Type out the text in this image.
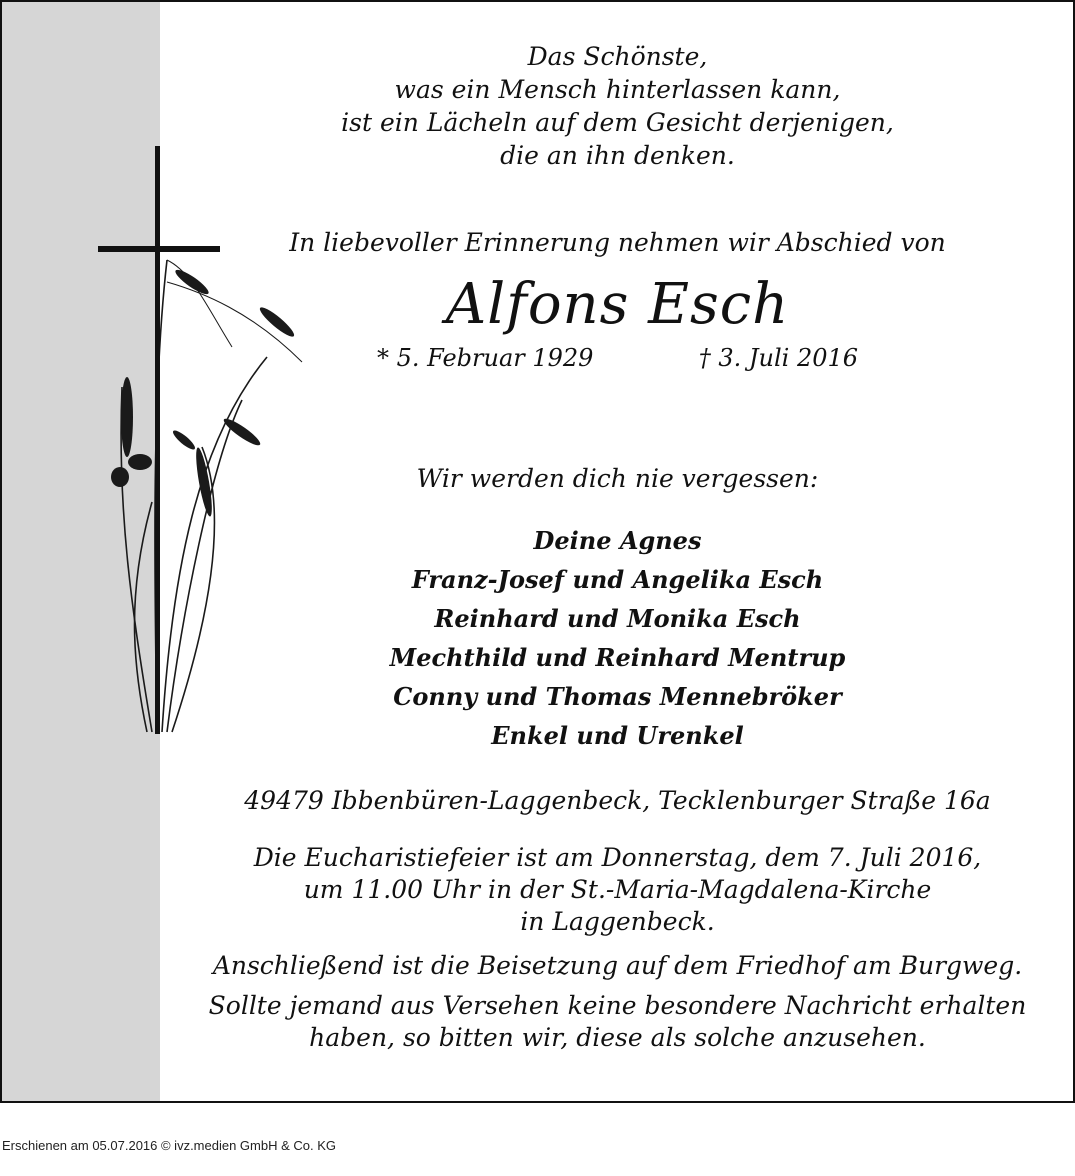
Das Schönste,
was ein Mensch hinterlassen kann,
ist ein Lächeln auf dem Gesicht derjenigen,
die an ihn denken.
In liebevoller Erinnerung nehmen wir Abschied von
Alfons Esch
* 5. Februar 1929	† 3. Juli 2016
Wir werden dich nie vergessen:
Deine Agnes
Franz-Josef und Angelika Esch
Reinhard und Monika Esch
Mechthild und Reinhard Mentrup
Conny und Thomas Mennebröker
Enkel und Urenkel
49479 Ibbenbüren-Laggenbeck, Tecklenburger Straße 16a
Die Eucharistiefeier ist am Donnerstag, dem 7. Juli 2016,
um 11.00 Uhr in der St.-Maria-Magdalena-Kirche
in Laggenbeck.
Anschließend ist die Beisetzung auf dem Friedhof am Burgweg.
Sollte jemand aus Versehen keine besondere Nachricht erhalten
haben, so bitten wir, diese als solche anzusehen.
Erschienen am 05.07.2016 © ivz.medien GmbH & Co. KG
